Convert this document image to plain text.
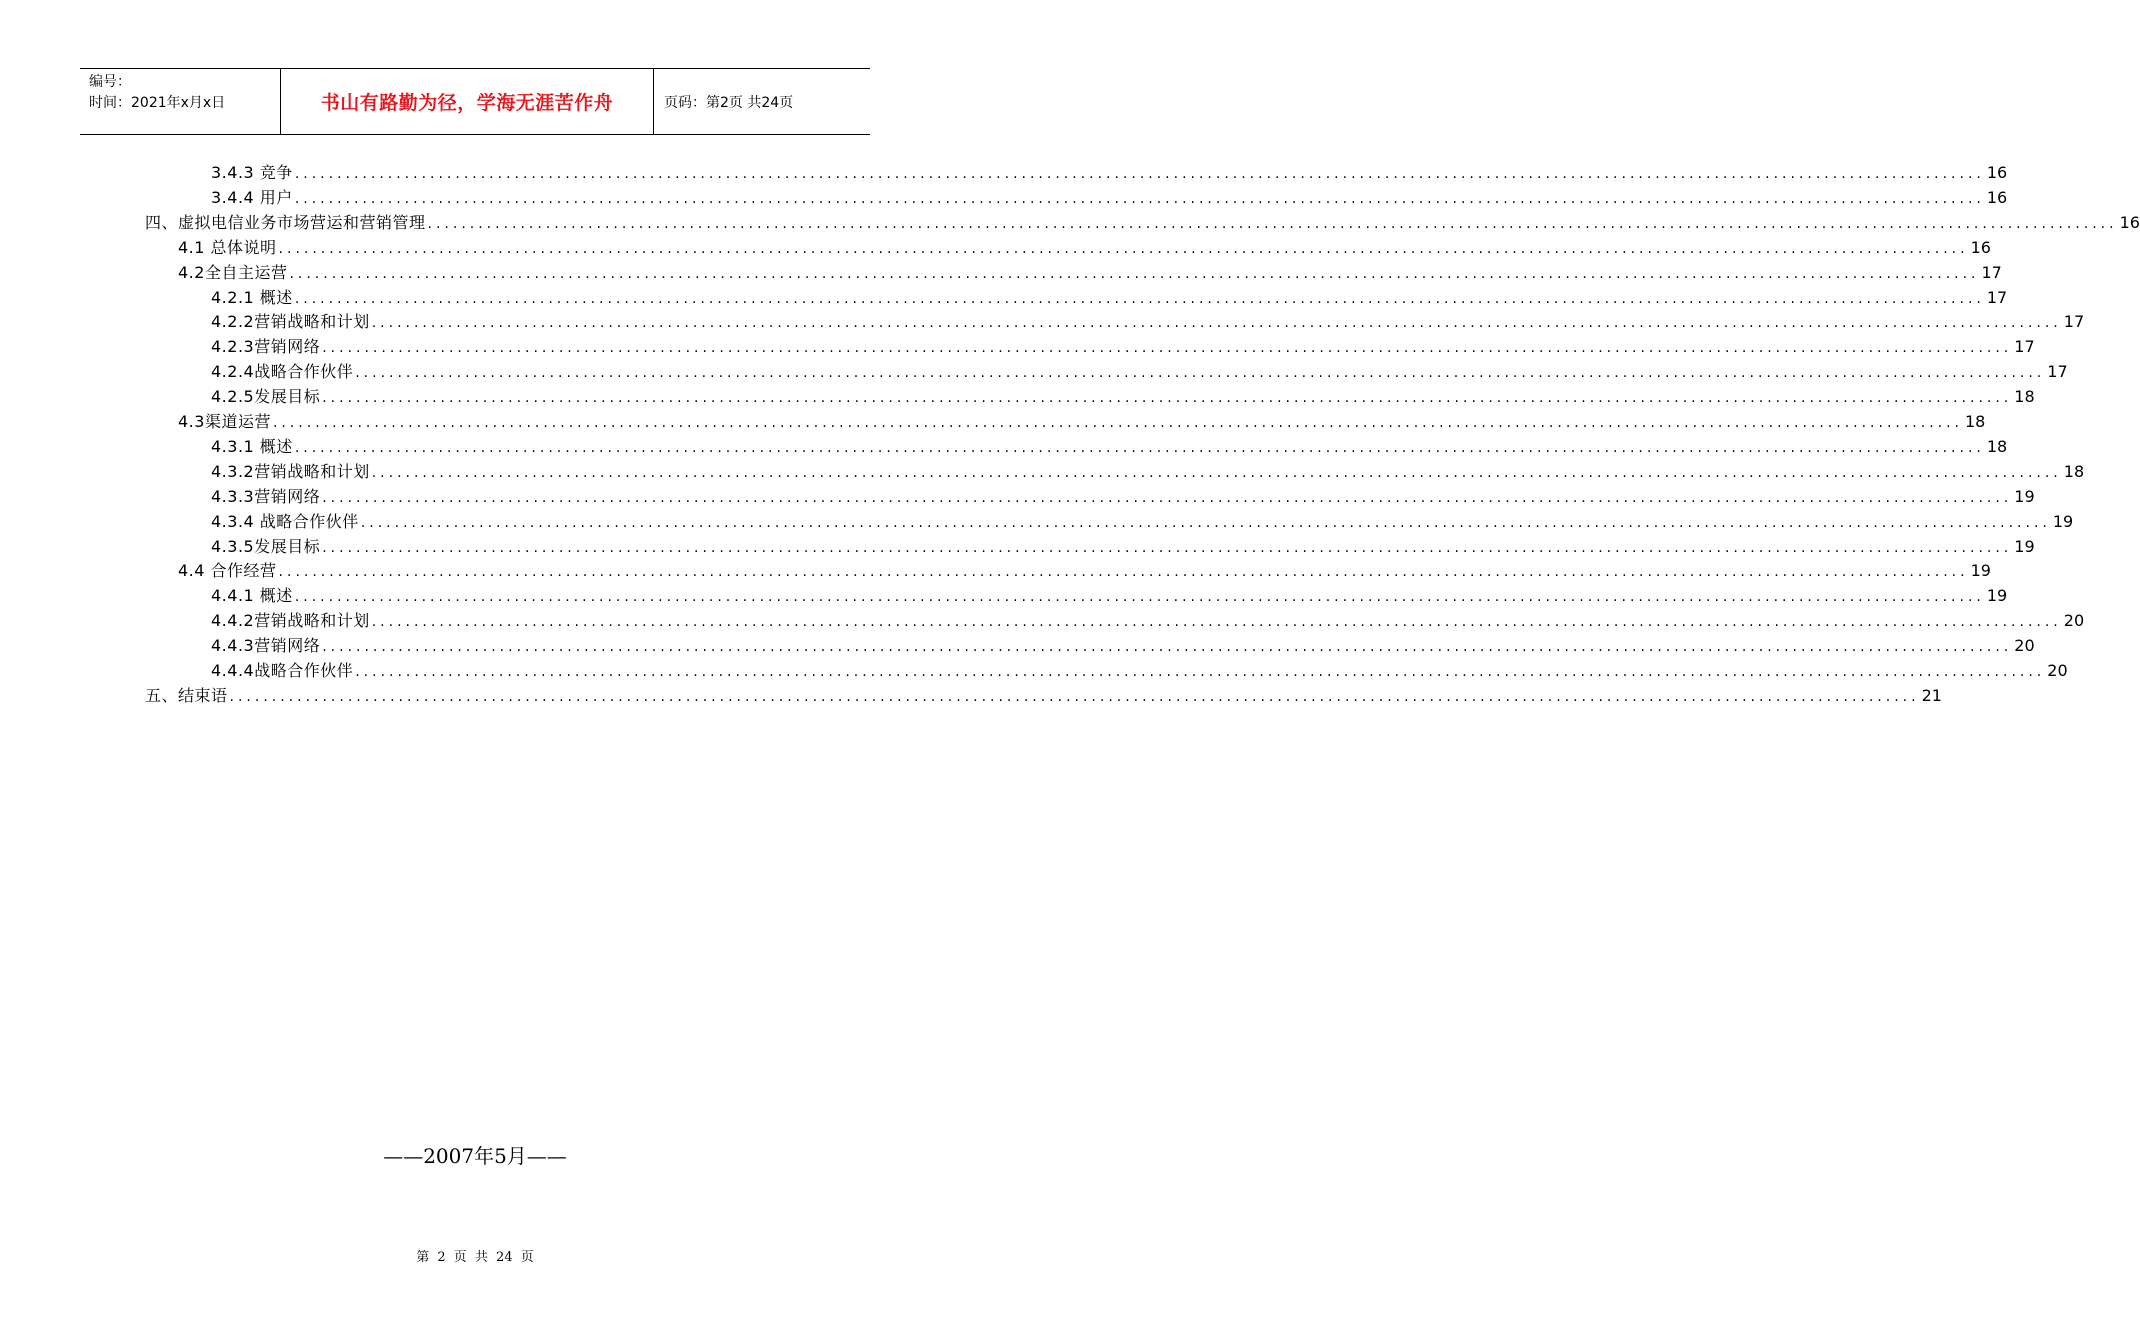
编号：
时间：2021年x月x日	书山有路勤为径，学海无涯苦作舟	页码：第2页 共24页
3.4.3 竞争 ........................................................................................................................................................................................................ 16
3.4.4 用户 ........................................................................................................................................................................................................ 16
四、虚拟电信业务市场营运和营销管理 ........................................................................................................................................................................................................ 16
4.1 总体说明 ........................................................................................................................................................................................................ 16
4.2全自主运营 ........................................................................................................................................................................................................ 17
4.2.1 概述 ........................................................................................................................................................................................................ 17
4.2.2营销战略和计划 ........................................................................................................................................................................................................ 17
4.2.3营销网络 ........................................................................................................................................................................................................ 17
4.2.4战略合作伙伴 ........................................................................................................................................................................................................ 17
4.2.5发展目标 ........................................................................................................................................................................................................ 18
4.3渠道运营 ........................................................................................................................................................................................................ 18
4.3.1 概述 ........................................................................................................................................................................................................ 18
4.3.2营销战略和计划 ........................................................................................................................................................................................................ 18
4.3.3营销网络 ........................................................................................................................................................................................................ 19
4.3.4 战略合作伙伴 ........................................................................................................................................................................................................ 19
4.3.5发展目标 ........................................................................................................................................................................................................ 19
4.4 合作经营 ........................................................................................................................................................................................................ 19
4.4.1 概述 ........................................................................................................................................................................................................ 19
4.4.2营销战略和计划 ........................................................................................................................................................................................................ 20
4.4.3营销网络 ........................................................................................................................................................................................................ 20
4.4.4战略合作伙伴 ........................................................................................................................................................................................................ 20
五、结束语 ........................................................................................................................................................................................................ 21
——2007年5月——
第 2 页 共 24 页
